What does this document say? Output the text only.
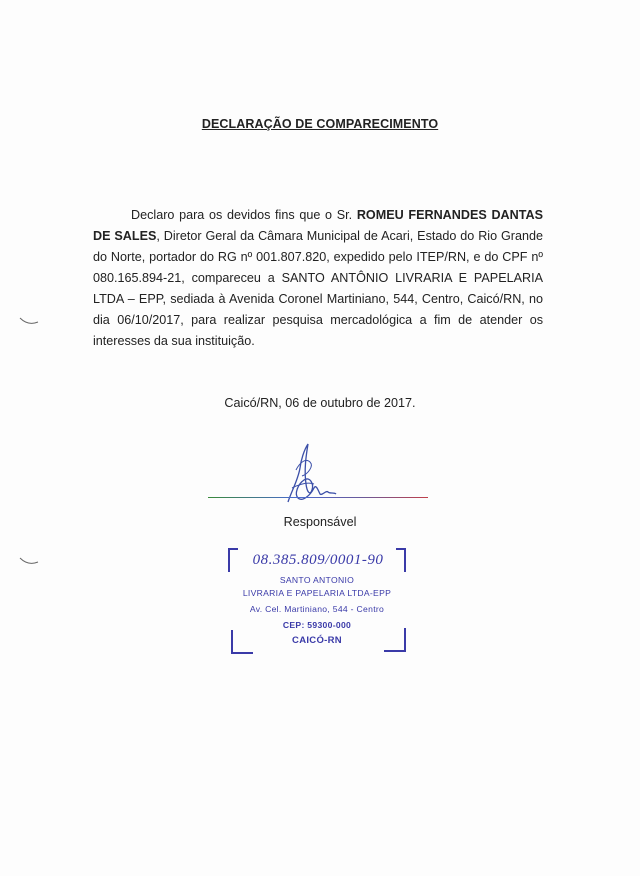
DECLARAÇÃO DE COMPARECIMENTO

Declaro para os devidos fins que o Sr. ROMEU FERNANDES DANTAS DE SALES, Diretor Geral da Câmara Municipal de Acari, Estado do Rio Grande do Norte, portador do RG nº 001.807.820, expedido pelo ITEP/RN, e do CPF nº 080.165.894-21, compareceu a SANTO ANTÔNIO LIVRARIA E PAPELARIA LTDA – EPP, sediada à Avenida Coronel Martiniano, 544, Centro, Caicó/RN, no dia 06/10/2017, para realizar pesquisa mercadológica a fim de atender os interesses da sua instituição.

Caicó/RN, 06 de outubro de 2017.
Responsável
08.385.809/0001-90
SANTO ANTONIO
LIVRARIA E PAPELARIA LTDA-EPP
Av. Cel. Martiniano, 544 - Centro
CEP: 59300-000
CAICÓ-RN
